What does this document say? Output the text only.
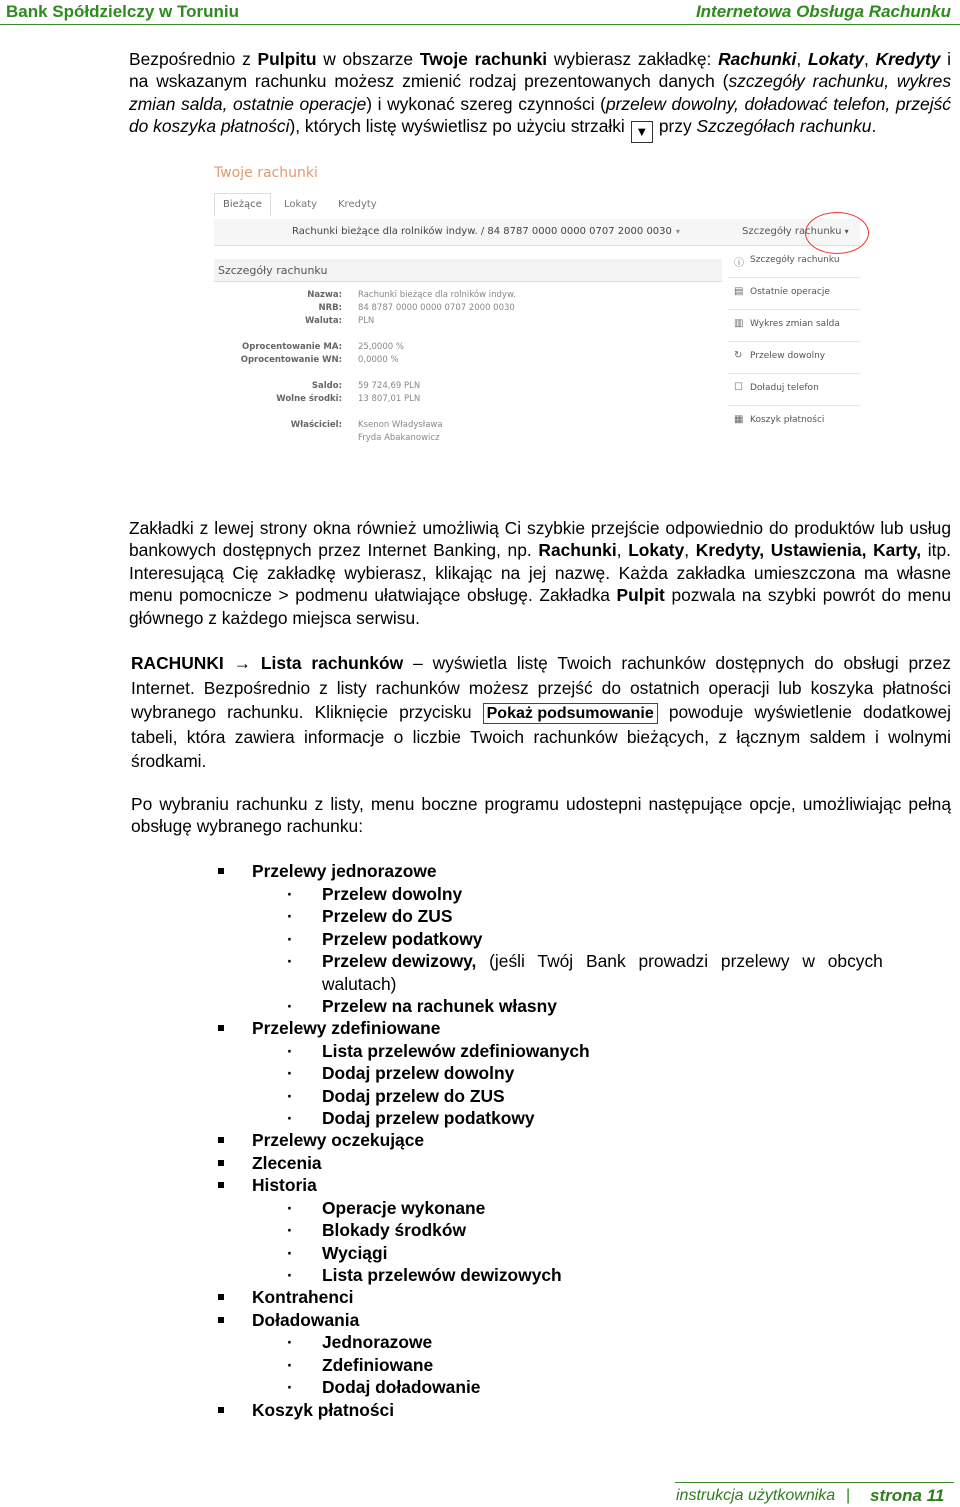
Bank Spółdzielczy w Toruniu	Internetowa Obsługa Rachunku
Bezpośrednio z Pulpitu w obszarze Twoje rachunki wybierasz zakładkę: Rachunki, Lokaty, Kredyty i na wskazanym rachunku możesz zmienić rodzaj prezentowanych danych (szczegóły rachunku, wykres zmian salda, ostatnie operacje) i wykonać szereg czynności (przelew dowolny, doładować telefon, przejść do koszyka płatności), których listę wyświetlisz po użyciu strzałki ▼ przy Szczegółach rachunku.
Twoje rachunki
Bieżące	Lokaty Kredyty
Rachunki bieżące dla rolników indyw. / 84 8787 0000 0000 0707 2000 0030 ▾	Szczegóły rachunku ▾
Szczegóły rachunku
Nazwa: Rachunki bieżące dla rolników indyw.
NRB: 84 8787 0000 0000 0707 2000 0030
Waluta: PLN
Oprocentowanie MA: 25,0000 %
Oprocentowanie WN: 0,0000 %
Saldo: 59 724,69 PLN
Wolne środki: 13 807,01 PLN
Właściciel: Ksenon Władysława
Fryda Abakanowicz
ⓘ Szczegóły rachunku
▤ Ostatnie operacje
▥ Wykres zmian salda
↻ Przelew dowolny
☐ Doładuj telefon
▦ Koszyk płatności
Zakładki z lewej strony okna również umożliwią Ci szybkie przejście odpowiednio do produktów lub usług bankowych dostępnych przez Internet Banking, np. Rachunki, Lokaty, Kredyty, Ustawienia, Karty, itp. Interesującą Cię zakładkę wybierasz, klikając na jej nazwę. Każda zakładka umieszczona ma własne menu pomocnicze > podmenu ułatwiające obsługę. Zakładka Pulpit pozwala na szybki powrót do menu głównego z każdego miejsca serwisu.
RACHUNKI → Lista rachunków – wyświetla listę Twoich rachunków dostępnych do obsługi przez Internet. Bezpośrednio z listy rachunków możesz przejść do ostatnich operacji lub koszyka płatności wybranego rachunku. Kliknięcie przycisku Pokaż podsumowanie powoduje wyświetlenie dodatkowej tabeli, która zawiera informacje o liczbie Twoich rachunków bieżących, z łącznym saldem i wolnymi środkami.
Po wybraniu rachunku z listy, menu boczne programu udostepni następujące opcje, umożliwiając pełną obsługę wybranego rachunku:
Przelewy jednorazowe
· Przelew dowolny
· Przelew do ZUS
· Przelew podatkowy
· Przelew dewizowy, (jeśli Twój Bank prowadzi przelewy w obcych
walutach)
· Przelew na rachunek własny
Przelewy zdefiniowane
· Lista przelewów zdefiniowanych
· Dodaj przelew dowolny
· Dodaj przelew do ZUS
· Dodaj przelew podatkowy
Przelewy oczekujące
Zlecenia
Historia
· Operacje wykonane
· Blokady środków
· Wyciągi
· Lista przelewów dewizowych
Kontrahenci
Doładowania
· Jednorazowe
· Zdefiniowane
· Dodaj doładowanie
Koszyk płatności
instrukcja użytkownika | strona 11
